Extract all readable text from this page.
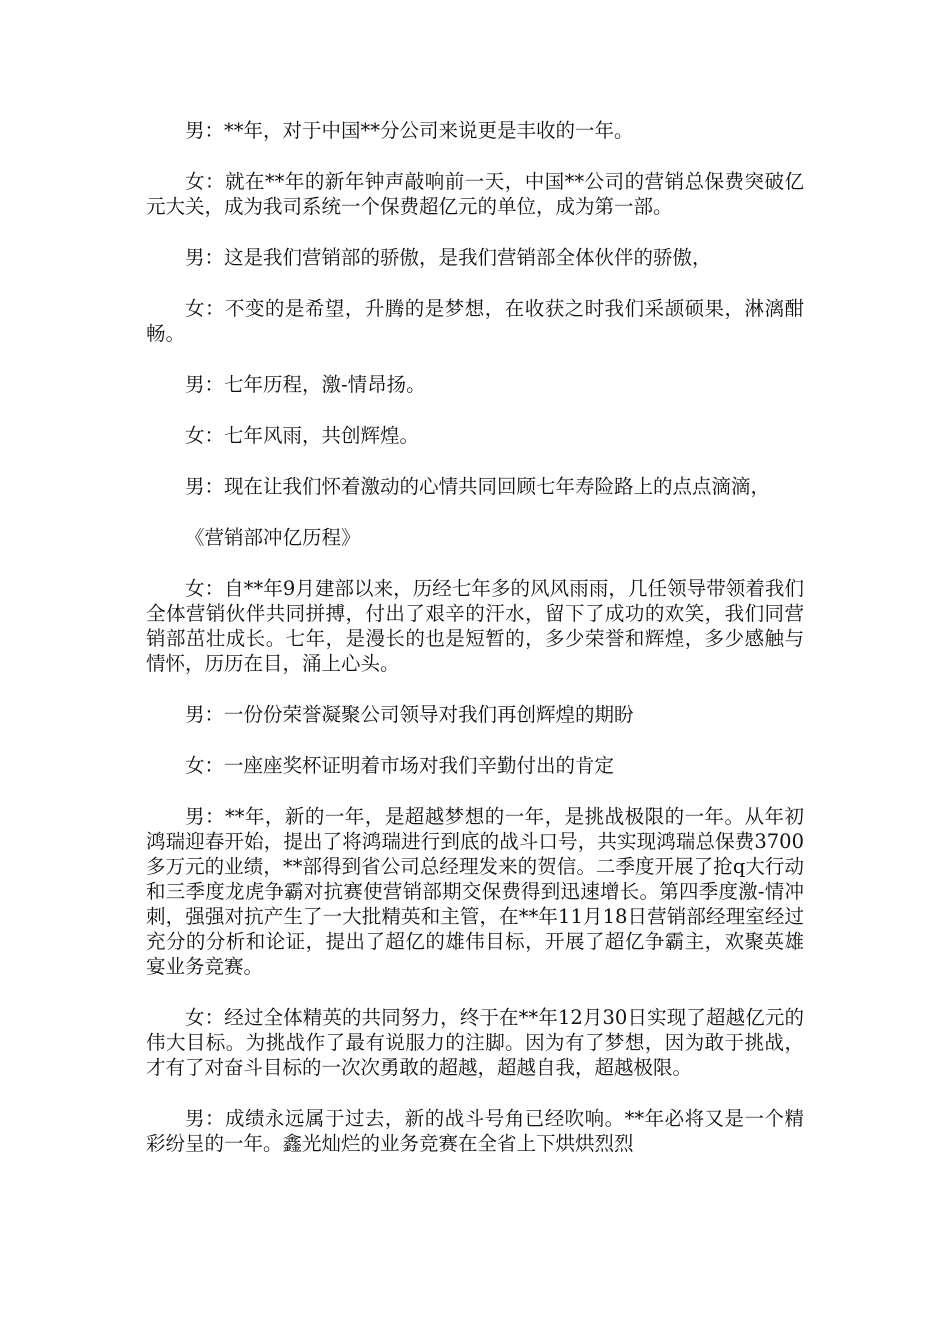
男：**年，对于中国**分公司来说更是丰收的一年。

女：就在**年的新年钟声敲响前一天，中国**公司的营销总保费突破亿元大关，成为我司系统一个保费超亿元的单位，成为第一部。

男：这是我们营销部的骄傲，是我们营销部全体伙伴的骄傲，

女：不变的是希望，升腾的是梦想，在收获之时我们采颉硕果，淋漓酣畅。

男：七年历程，激-情昂扬。

女：七年风雨，共创辉煌。

男：现在让我们怀着激动的心情共同回顾七年寿险路上的点点滴滴，

《营销部冲亿历程》

女：自**年9月建部以来，历经七年多的风风雨雨，几任领导带领着我们全体营销伙伴共同拼搏，付出了艰辛的汗水，留下了成功的欢笑，我们同营销部茁壮成长。七年，是漫长的也是短暂的，多少荣誉和辉煌，多少感触与情怀，历历在目，涌上心头。

男：一份份荣誉凝聚公司领导对我们再创辉煌的期盼

女：一座座奖杯证明着市场对我们辛勤付出的肯定

男：**年，新的一年，是超越梦想的一年，是挑战极限的一年。从年初鸿瑞迎春开始，提出了将鸿瑞进行到底的战斗口号，共实现鸿瑞总保费3700多万元的业绩，**部得到省公司总经理发来的贺信。二季度开展了抢q大行动和三季度龙虎争霸对抗赛使营销部期交保费得到迅速增长。第四季度激-情冲刺，强强对抗产生了一大批精英和主管，在**年11月18日营销部经理室经过充分的分析和论证，提出了超亿的雄伟目标，开展了超亿争霸主，欢聚英雄宴业务竞赛。

女：经过全体精英的共同努力，终于在**年12月30日实现了超越亿元的伟大目标。为挑战作了最有说服力的注脚。因为有了梦想，因为敢于挑战，才有了对奋斗目标的一次次勇敢的超越，超越自我，超越极限。

男：成绩永远属于过去，新的战斗号角已经吹响。**年必将又是一个精彩纷呈的一年。鑫光灿烂的业务竞赛在全省上下烘烘烈烈
